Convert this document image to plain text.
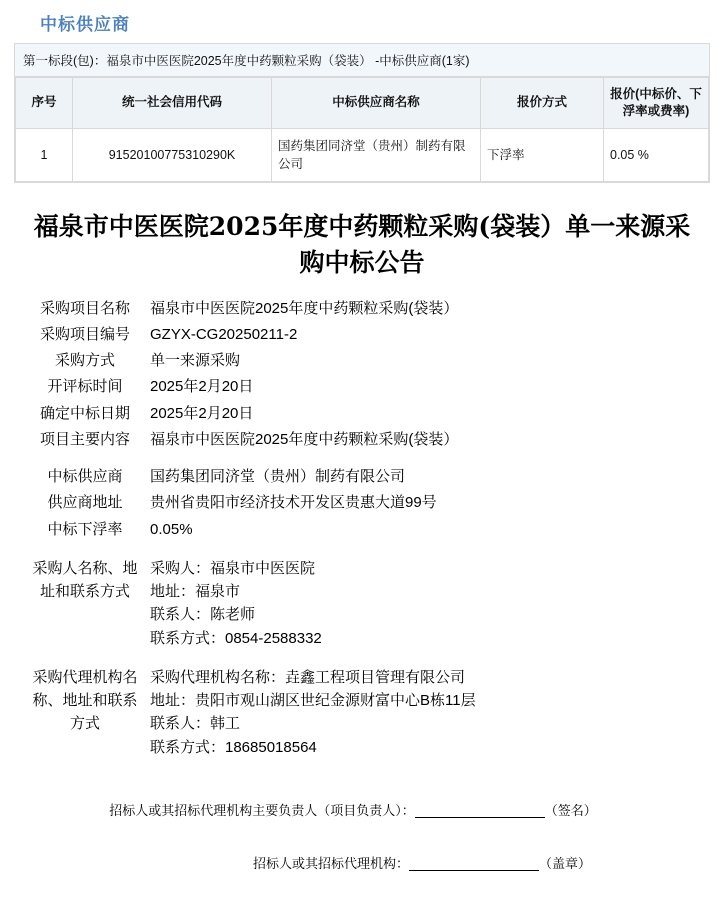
中标供应商
第一标段(包)：福泉市中医医院2025年度中药颗粒采购（袋装） -中标供应商(1家)
序号	统一社会信用代码	中标供应商名称	报价方式	报价(中标价、下浮率或费率)
1	91520100775310290K	国药集团同济堂（贵州）制药有限公司	下浮率	0.05 %
福泉市中医医院2025年度中药颗粒采购(袋装）单一来源采购中标公告
采购项目名称	福泉市中医医院2025年度中药颗粒采购(袋装）
采购项目编号	GZYX-CG20250211-2
采购方式	单一来源采购
开评标时间	2025年2月20日
确定中标日期	2025年2月20日
项目主要内容	福泉市中医医院2025年度中药颗粒采购(袋装）
中标供应商	国药集团同济堂（贵州）制药有限公司
供应商地址	贵州省贵阳市经济技术开发区贵惠大道99号
中标下浮率	0.05%
采购人名称、地址和联系方式
采购人：福泉市中医医院
地址：福泉市
联系人：陈老师
联系方式：0854-2588332
采购代理机构名称、地址和联系方式
采购代理机构名称：垚鑫工程项目管理有限公司
地址：贵阳市观山湖区世纪金源财富中心B栋11层
联系人：韩工
联系方式：18685018564
招标人或其招标代理机构主要负责人（项目负责人）：	（签名）
招标人或其招标代理机构：	（盖章）
